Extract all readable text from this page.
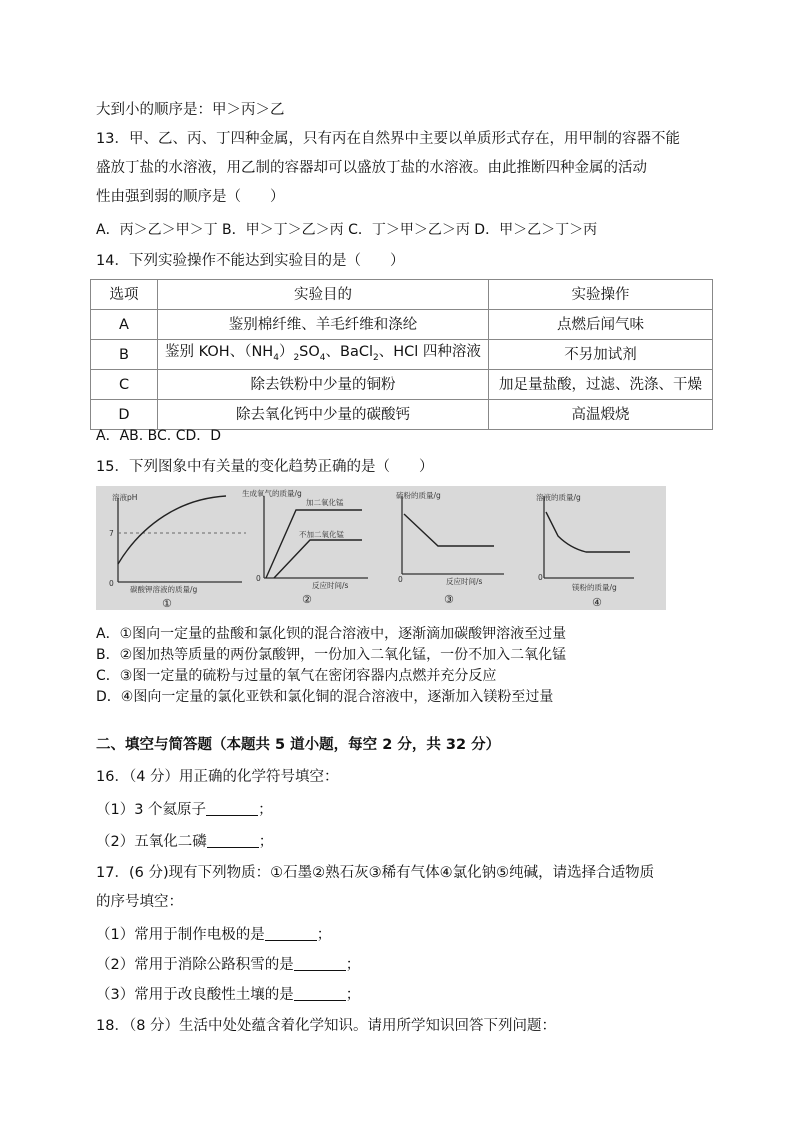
大到小的顺序是：甲＞丙＞乙
13．甲、乙、丙、丁四种金属，只有丙在自然界中主要以单质形式存在，用甲制的容器不能
盛放丁盐的水溶液，用乙制的容器却可以盛放丁盐的水溶液。由此推断四种金属的活动
性由强到弱的顺序是（　　）
A．丙＞乙＞甲＞丁 B．甲＞丁＞乙＞丙 C．丁＞甲＞乙＞丙 D．甲＞乙＞丁＞丙
14．下列实验操作不能达到实验目的是（　　）
选项	实验目的	实验操作
A	鉴别棉纤维、羊毛纤维和涤纶	点燃后闻气味
B	鉴别 KOH、$(NH_4)_2SO_4$、BaCl$_2$、HCl 四种溶液	不另加试剂
C	除去铁粉中少量的铜粉	加足量盐酸，过滤、洗涤、干燥
D	除去氧化钙中少量的碳酸钙	高温煅烧
A．AB. BC. CD．D
15．下列图象中有关量的变化趋势正确的是（　　）
溶液pH
7
0
碳酸钾溶液的质量/g
①
生成氧气的质量/g
加二氧化锰
不加二氧化锰
0
反应时间/s
②
硫粉的质量/g
0	反应时间/s
③
溶液的质量/g
0
镁粉的质量/g
④
A．①图向一定量的盐酸和氯化钡的混合溶液中，逐渐滴加碳酸钾溶液至过量
B．②图加热等质量的两份氯酸钾，一份加入二氧化锰，一份不加入二氧化锰
C．③图一定量的硫粉与过量的氧气在密闭容器内点燃并充分反应
D．④图向一定量的氯化亚铁和氯化铜的混合溶液中，逐渐加入镁粉至过量
二、填空与简答题（本题共 5 道小题，每空 2 分，共 32 分）
16．（4 分）用正确的化学符号填空：
（1）3 个氦原子	；
（2）五氧化二磷	；
17．(6 分)现有下列物质：①石墨②熟石灰③稀有气体④氯化钠⑤纯碱，请选择合适物质
的序号填空：
（1）常用于制作电极的是	；
（2）常用于消除公路积雪的是	；
（3）常用于改良酸性土壤的是	；
18．（8 分）生活中处处蕴含着化学知识。请用所学知识回答下列问题：
